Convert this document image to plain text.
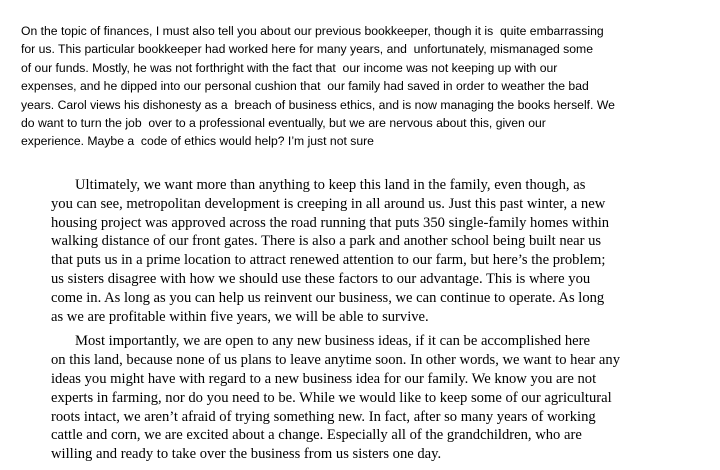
On the topic of finances, I must also tell you about our previous bookkeeper, though it is  quite embarrassing
for us. This particular bookkeeper had worked here for many years, and  unfortunately, mismanaged some
of our funds. Mostly, he was not forthright with the fact that  our income was not keeping up with our
expenses, and he dipped into our personal cushion that  our family had saved in order to weather the bad
years. Carol views his dishonesty as a  breach of business ethics, and is now managing the books herself. We
do want to turn the job  over to a professional eventually, but we are nervous about this, given our
experience. Maybe a  code of ethics would help? I’m just not sure
Ultimately, we want more than anything to keep this land in the family, even though, as
you can see, metropolitan development is creeping in all around us. Just this past winter, a new
housing project was approved across the road running that puts 350 single-family homes within
walking distance of our front gates. There is also a park and another school being built near us
that puts us in a prime location to attract renewed attention to our farm, but here’s the problem;
us sisters disagree with how we should use these factors to our advantage. This is where you
come in. As long as you can help us reinvent our business, we can continue to operate. As long
as we are profitable within five years, we will be able to survive.
Most importantly, we are open to any new business ideas, if it can be accomplished here
on this land, because none of us plans to leave anytime soon. In other words, we want to hear any
ideas you might have with regard to a new business idea for our family. We know you are not
experts in farming, nor do you need to be. While we would like to keep some of our agricultural
roots intact, we aren’t afraid of trying something new. In fact, after so many years of working
cattle and corn, we are excited about a change. Especially all of the grandchildren, who are
willing and ready to take over the business from us sisters one day.
